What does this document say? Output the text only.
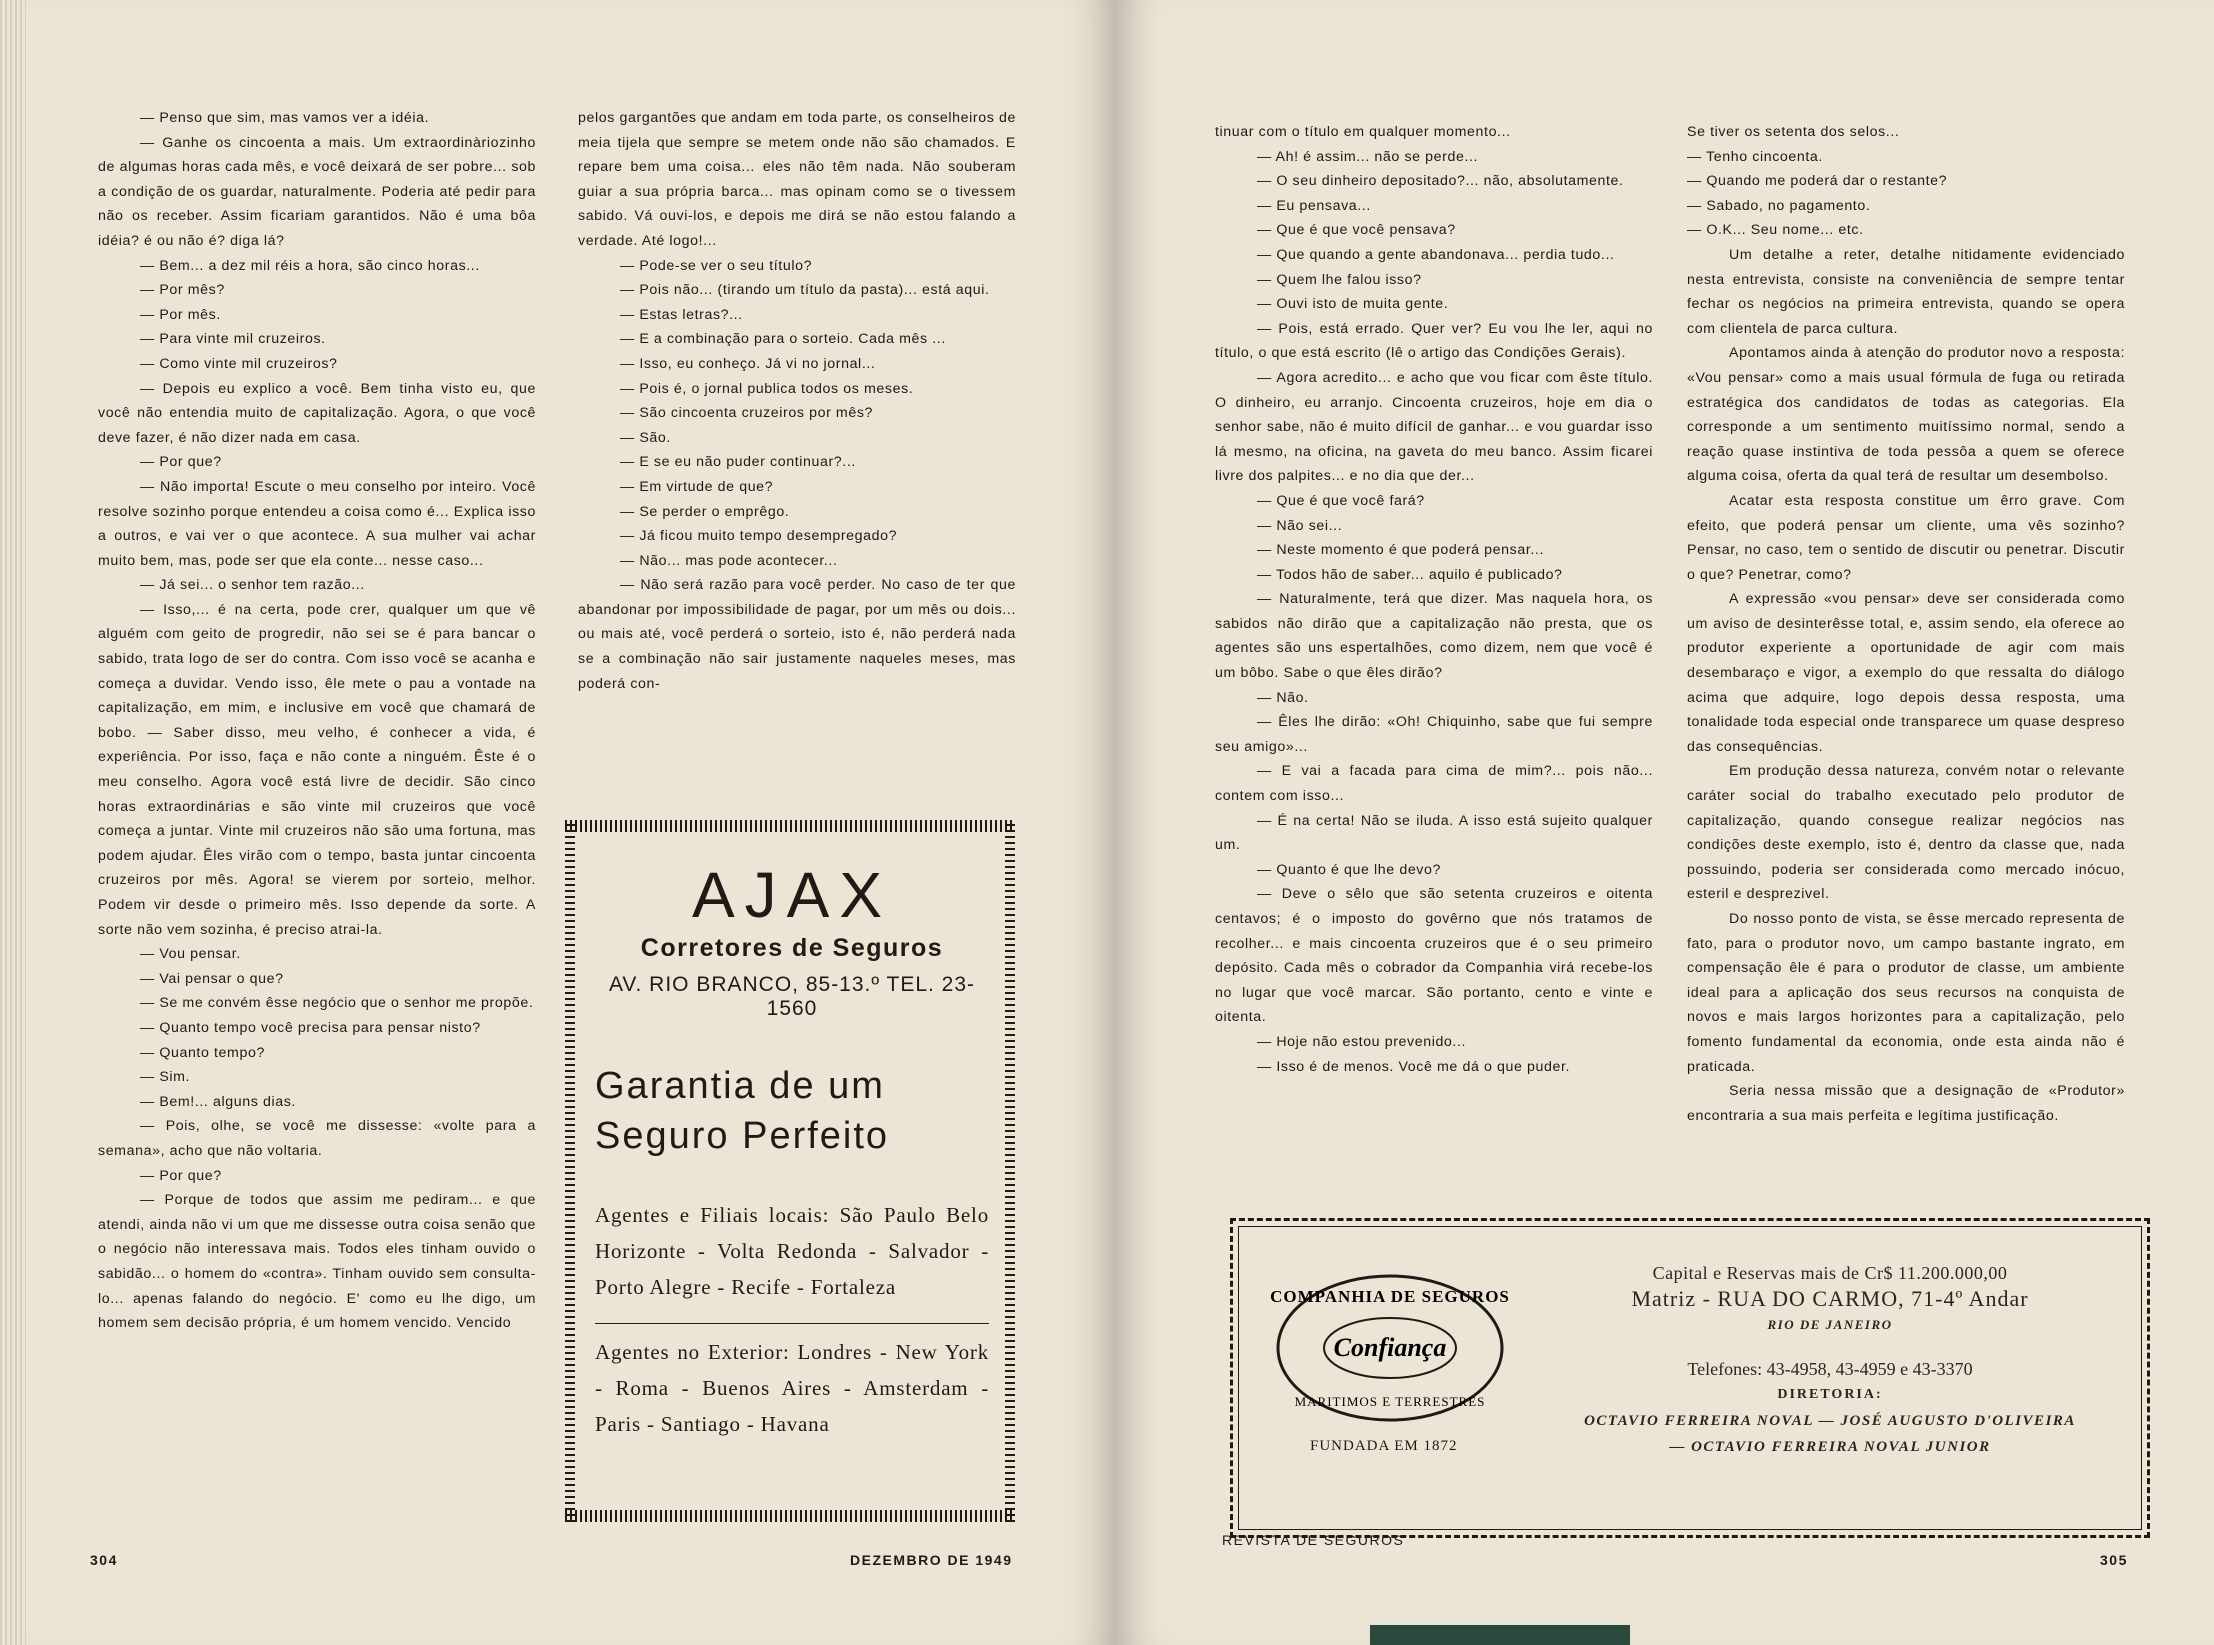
— Penso que sim, mas vamos ver a idéia.

— Ganhe os cincoenta a mais. Um extraordinàriozinho de algumas horas cada mês, e você deixará de ser pobre... sob a condição de os guardar, naturalmente. Poderia até pedir para não os receber. Assim ficariam garantidos. Não é uma bôa idéia? é ou não é? diga lá?

— Bem... a dez mil réis a hora, são cinco horas...

— Por mês?

— Por mês.

— Para vinte mil cruzeiros.

— Como vinte mil cruzeiros?

— Depois eu explico a você. Bem tinha visto eu, que você não entendia muito de capitalização. Agora, o que você deve fazer, é não dizer nada em casa.

— Por que?

— Não importa! Escute o meu conselho por inteiro. Você resolve sozinho porque entendeu a coisa como é... Explica isso a outros, e vai ver o que acontece. A sua mulher vai achar muito bem, mas, pode ser que ela conte... nesse caso...

— Já sei... o senhor tem razão...

— Isso,... é na certa, pode crer, qualquer um que vê alguém com geito de progredir, não sei se é para bancar o sabido, trata logo de ser do contra. Com isso você se acanha e começa a duvidar. Vendo isso, êle mete o pau a vontade na capitalização, em mim, e inclusive em você que chamará de bobo. — Saber disso, meu velho, é conhecer a vida, é experiência. Por isso, faça e não conte a ninguém. Êste é o meu conselho. Agora você está livre de decidir. São cinco horas extraordinárias e são vinte mil cruzeiros que você começa a juntar. Vinte mil cruzeiros não são uma fortuna, mas podem ajudar. Êles virão com o tempo, basta juntar cincoenta cruzeiros por mês. Agora! se vierem por sorteio, melhor. Podem vir desde o primeiro mês. Isso depende da sorte. A sorte não vem sozinha, é preciso atrai-la.

— Vou pensar.

— Vai pensar o que?

— Se me convém êsse negócio que o senhor me propõe.

— Quanto tempo você precisa para pensar nisto?

— Quanto tempo?

— Sim.

— Bem!... alguns dias.

— Pois, olhe, se você me dissesse: «volte para a semana», acho que não voltaria.

— Por que?

— Porque de todos que assim me pediram... e que atendi, ainda não vi um que me dissesse outra coisa senão que o negócio não interessava mais. Todos eles tinham ouvido o sabidão... o homem do «contra». Tinham ouvido sem consulta-lo... apenas falando do negócio. E' como eu lhe digo, um homem sem decisão própria, é um homem vencido. Vencido

pelos gargantões que andam em toda parte, os conselheiros de meia tijela que sempre se metem onde não são chamados. E repare bem uma coisa... eles não têm nada. Não souberam guiar a sua própria barca... mas opinam como se o tivessem sabido. Vá ouvi-los, e depois me dirá se não estou falando a verdade. Até logo!...

— Pode-se ver o seu título?

— Pois não... (tirando um título da pasta)... está aqui.

— Estas letras?...

— E a combinação para o sorteio. Cada mês ...

— Isso, eu conheço. Já vi no jornal...

— Pois é, o jornal publica todos os meses.

— São cincoenta cruzeiros por mês?

— São.

— E se eu não puder continuar?...

— Em virtude de que?

— Se perder o emprêgo.

— Já ficou muito tempo desempregado?

— Não... mas pode acontecer...

— Não será razão para você perder. No caso de ter que abandonar por impossibilidade de pagar, por um mês ou dois... ou mais até, você perderá o sorteio, isto é, não perderá nada se a combinação não sair justamente naqueles meses, mas poderá con-

AJAX
Corretores de Seguros
AV. RIO BRANCO, 85-13.º TEL. 23-1560
Garantia de um Seguro Perfeito
Agentes e Filiais locais: São Paulo Belo Horizonte - Volta Redonda - Salvador - Porto Alegre - Recife - Fortaleza
Agentes no Exterior: Londres - New York - Roma - Buenos Aires - Amsterdam - Paris - Santiago - Havana
304	DEZEMBRO DE 1949

tinuar com o título em qualquer momento...

— Ah! é assim... não se perde...

— O seu dinheiro depositado?... não, absolutamente.

— Eu pensava...

— Que é que você pensava?

— Que quando a gente abandonava... perdia tudo...

— Quem lhe falou isso?

— Ouvi isto de muita gente.

— Pois, está errado. Quer ver? Eu vou lhe ler, aqui no título, o que está escrito (lê o artigo das Condições Gerais).

— Agora acredito... e acho que vou ficar com êste título. O dinheiro, eu arranjo. Cincoenta cruzeiros, hoje em dia o senhor sabe, não é muito difícil de ganhar... e vou guardar isso lá mesmo, na oficina, na gaveta do meu banco. Assim ficarei livre dos palpites... e no dia que der...

— Que é que você fará?

— Não sei...

— Neste momento é que poderá pensar...

— Todos hão de saber... aquilo é publicado?

— Naturalmente, terá que dizer. Mas naquela hora, os sabidos não dirão que a capitalização não presta, que os agentes são uns espertalhões, como dizem, nem que você é um bôbo. Sabe o que êles dirão?

— Não.

— Êles lhe dirão: «Oh! Chiquinho, sabe que fui sempre seu amigo»...

— E vai a facada para cima de mim?... pois não... contem com isso...

— É na certa! Não se iluda. A isso está sujeito qualquer um.

— Quanto é que lhe devo?

— Deve o sêlo que são setenta cruzeiros e oitenta centavos; é o imposto do govêrno que nós tratamos de recolher... e mais cincoenta cruzeiros que é o seu primeiro depósito. Cada mês o cobrador da Companhia virá recebe-los no lugar que você marcar. São portanto, cento e vinte e oitenta.

— Hoje não estou prevenido...

— Isso é de menos. Você me dá o que puder.

Se tiver os setenta dos selos...

— Tenho cincoenta.

— Quando me poderá dar o restante?

— Sabado, no pagamento.

— O.K... Seu nome... etc.

Um detalhe a reter, detalhe nitidamente evidenciado nesta entrevista, consiste na conveniência de sempre tentar fechar os negócios na primeira entrevista, quando se opera com clientela de parca cultura.

Apontamos ainda à atenção do produtor novo a resposta: «Vou pensar» como a mais usual fórmula de fuga ou retirada estratégica dos candidatos de todas as categorias. Ela corresponde a um sentimento muitíssimo normal, sendo a reação quase instintiva de toda pessôa a quem se oferece alguma coisa, oferta da qual terá de resultar um desembolso.

Acatar esta resposta constitue um êrro grave. Com efeito, que poderá pensar um cliente, uma vês sozinho? Pensar, no caso, tem o sentido de discutir ou penetrar. Discutir o que? Penetrar, como?

A expressão «vou pensar» deve ser considerada como um aviso de desinterêsse total, e, assim sendo, ela oferece ao produtor experiente a oportunidade de agir com mais desembaraço e vigor, a exemplo do que ressalta do diálogo acima que adquire, logo depois dessa resposta, uma tonalidade toda especial onde transparece um quase despreso das consequências.

Em produção dessa natureza, convém notar o relevante caráter social do trabalho executado pelo produtor de capitalização, quando consegue realizar negócios nas condições deste exemplo, isto é, dentro da classe que, nada possuindo, poderia ser considerada como mercado inócuo, esteril e desprezivel.

Do nosso ponto de vista, se êsse mercado representa de fato, para o produtor novo, um campo bastante ingrato, em compensação êle é para o produtor de classe, um ambiente ideal para a aplicação dos seus recursos na conquista de novos e mais largos horizontes para a capitalização, pelo fomento fundamental da economia, onde esta ainda não é praticada.

Seria nessa missão que a designação de «Produtor» encontraria a sua mais perfeita e legítima justificação.

COMPANHIA DE SEGUROS
Confiança
MARITIMOS E TERRESTRES
FUNDADA EM 1872
Capital e Reservas mais de Cr$ 11.200.000,00
Matriz - RUA DO CARMO, 71-4º Andar
RIO DE JANEIRO
Telefones: 43-4958, 43-4959 e 43-3370
DIRETORIA:
OCTAVIO FERREIRA NOVAL — JOSÉ AUGUSTO D'OLIVEIRA
— OCTAVIO FERREIRA NOVAL JUNIOR
REVISTA DE SEGUROS
305
